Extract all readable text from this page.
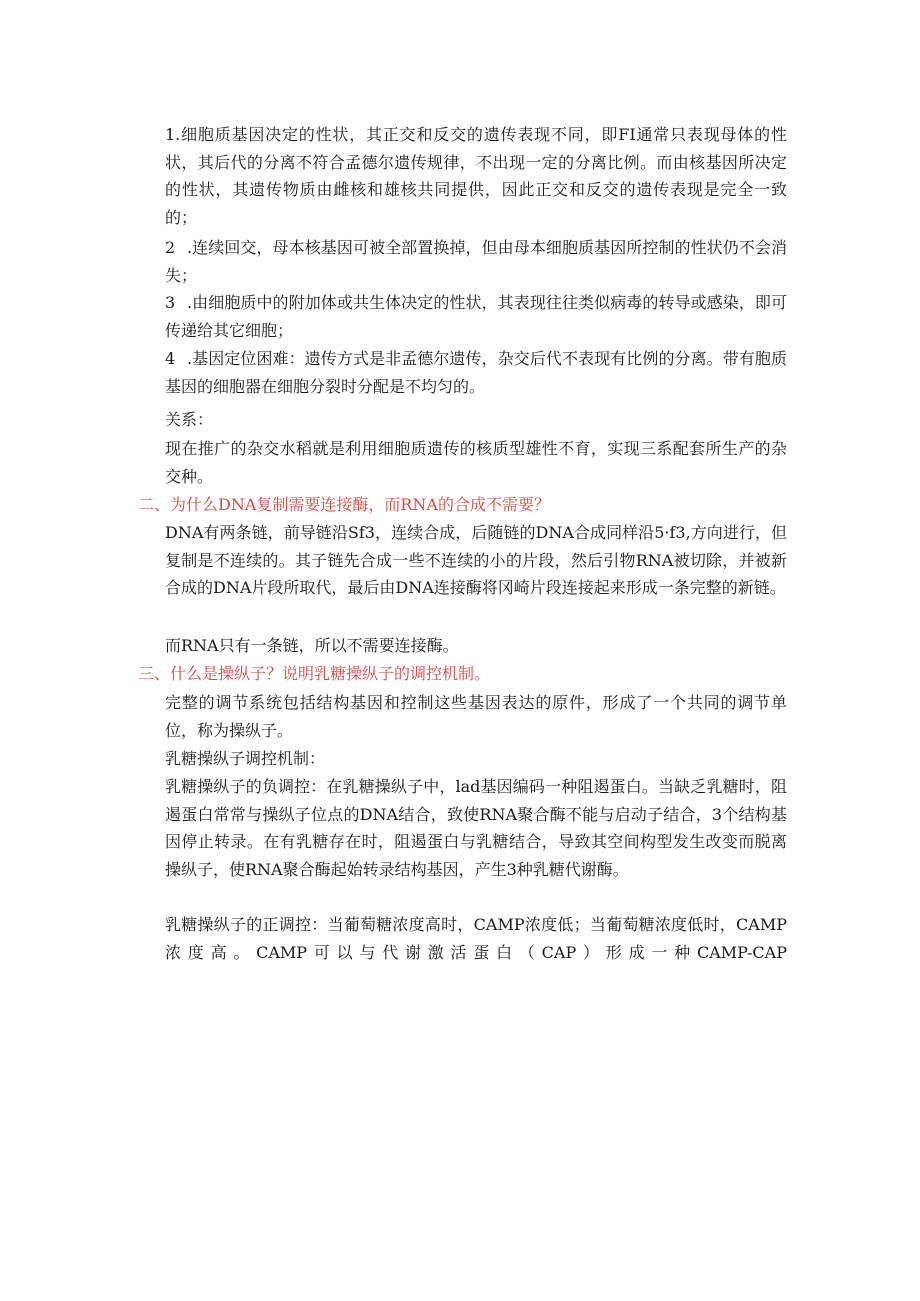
1.细胞质基因决定的性状，其正交和反交的遗传表现不同，即FI通常只表现母体的性状，其后代的分离不符合孟德尔遗传规律，不出现一定的分离比例。而由核基因所决定的性状，其遗传物质由雌核和雄核共同提供，因此正交和反交的遗传表现是完全一致的；

2 .连续回交，母本核基因可被全部置换掉，但由母本细胞质基因所控制的性状仍不会消失；

3 .由细胞质中的附加体或共生体决定的性状，其表现往往类似病毒的转导或感染，即可传递给其它细胞；

4 .基因定位困难：遗传方式是非孟德尔遗传，杂交后代不表现有比例的分离。带有胞质基因的细胞器在细胞分裂时分配是不均匀的。

关系：

现在推广的杂交水稻就是利用细胞质遗传的核质型雄性不育，实现三系配套所生产的杂交种。

二、为什么DNA复制需要连接酶，而RNA的合成不需要？

DNA有两条链，前导链沿Sf3，连续合成，后随链的DNA合成同样沿5·f3,方向进行，但复制是不连续的。其子链先合成一些不连续的小的片段，然后引物RNA被切除，并被新合成的DNA片段所取代，最后由DNA连接酶将冈崎片段连接起来形成一条完整的新链。

而RNA只有一条链，所以不需要连接酶。

三、什么是操纵子？说明乳糖操纵子的调控机制。

完整的调节系统包括结构基因和控制这些基因表达的原件，形成了一个共同的调节单位，称为操纵子。

乳糖操纵子调控机制：

乳糖操纵子的负调控：在乳糖操纵子中，lad基因编码一种阻遏蛋白。当缺乏乳糖时，阻遏蛋白常常与操纵子位点的DNA结合，致使RNA聚合酶不能与启动子结合，3个结构基因停止转录。在有乳糖存在时，阻遏蛋白与乳糖结合，导致其空间构型发生改变而脱离操纵子，使RNA聚合酶起始转录结构基因，产生3种乳糖代谢酶。

乳糖操纵子的正调控：当葡萄糖浓度高时，CAMP浓度低；当葡萄糖浓度低时，CAMP浓度高。CAMP可以与代谢激活蛋白（CAP）形成一种CAMP-CAP
